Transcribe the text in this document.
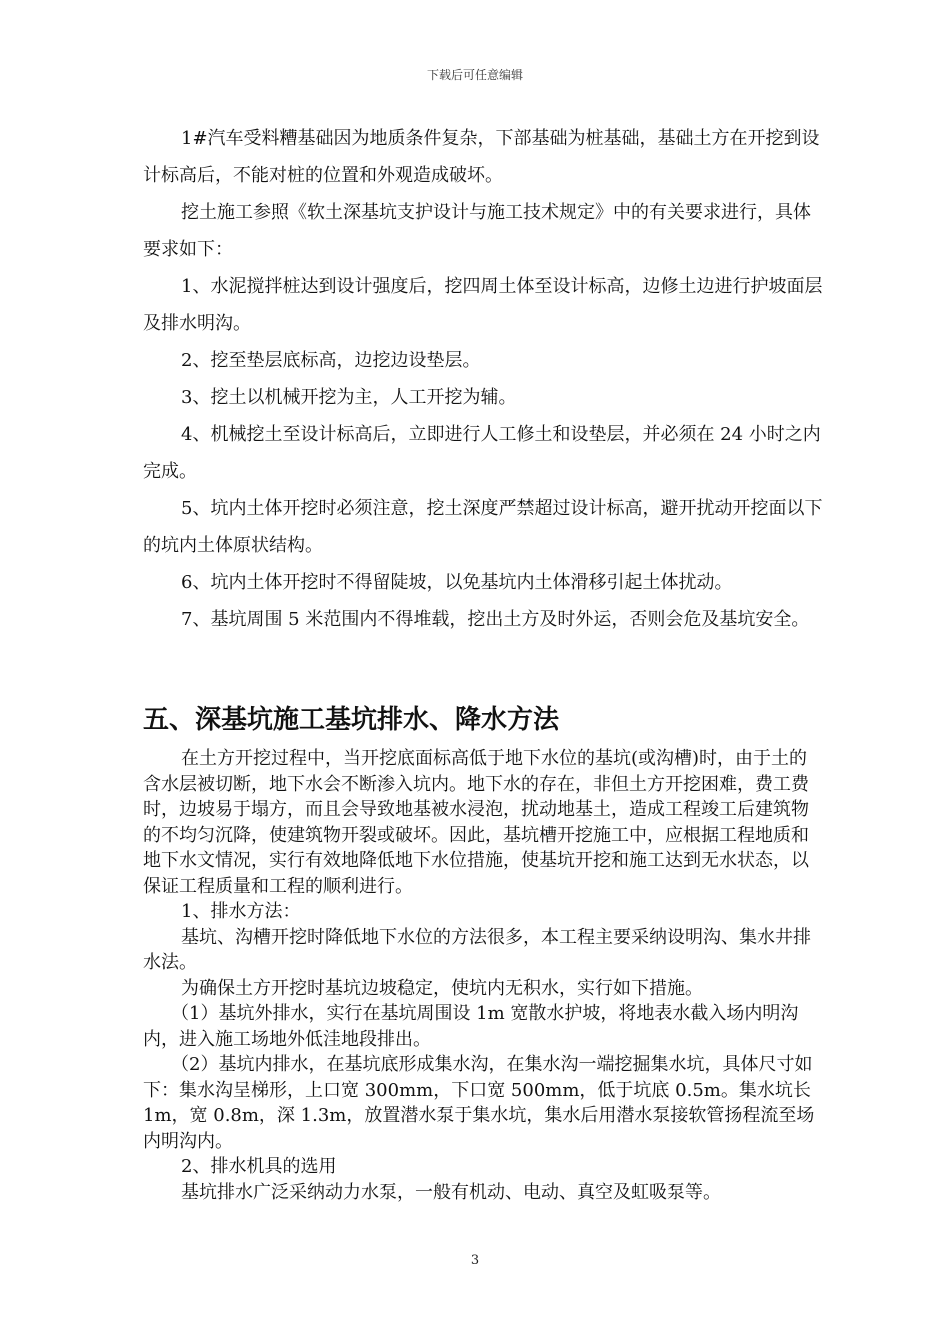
下载后可任意编辑

1#汽车受料糟基础因为地质条件复杂，下部基础为桩基础，基础土方在开挖到设计标高后，不能对桩的位置和外观造成破坏。

挖土施工参照《软土深基坑支护设计与施工技术规定》中的有关要求进行，具体要求如下：

1、水泥搅拌桩达到设计强度后，挖四周土体至设计标高，边修土边进行护坡面层及排水明沟。

2、挖至垫层底标高，边挖边设垫层。

3、挖土以机械开挖为主，人工开挖为辅。

4、机械挖土至设计标高后，立即进行人工修土和设垫层，并必须在 24 小时之内完成。

5、坑内土体开挖时必须注意，挖土深度严禁超过设计标高，避开扰动开挖面以下的坑内土体原状结构。

6、坑内土体开挖时不得留陡坡，以免基坑内土体滑移引起土体扰动。

7、基坑周围 5 米范围内不得堆载，挖出土方及时外运，否则会危及基坑安全。

五、深基坑施工基坑排水、降水方法

在土方开挖过程中，当开挖底面标高低于地下水位的基坑(或沟槽)时，由于土的含水层被切断，地下水会不断渗入坑内。地下水的存在，非但土方开挖困难，费工费时，边坡易于塌方，而且会导致地基被水浸泡，扰动地基土，造成工程竣工后建筑物的不均匀沉降，使建筑物开裂或破坏。因此，基坑槽开挖施工中，应根据工程地质和地下水文情况，实行有效地降低地下水位措施，使基坑开挖和施工达到无水状态，以保证工程质量和工程的顺利进行。

1、排水方法：

基坑、沟槽开挖时降低地下水位的方法很多，本工程主要采纳设明沟、集水井排水法。

为确保土方开挖时基坑边坡稳定，使坑内无积水，实行如下措施。

（1）基坑外排水，实行在基坑周围设 1m 宽散水护坡，将地表水截入场内明沟内，进入施工场地外低洼地段排出。

（2）基坑内排水，在基坑底形成集水沟，在集水沟一端挖掘集水坑，具体尺寸如下：集水沟呈梯形，上口宽 300mm，下口宽 500mm，低于坑底 0.5m。集水坑长 1m，宽 0.8m，深 1.3m，放置潜水泵于集水坑，集水后用潜水泵接软管扬程流至场内明沟内。

2、排水机具的选用

基坑排水广泛采纳动力水泵，一般有机动、电动、真空及虹吸泵等。

3
